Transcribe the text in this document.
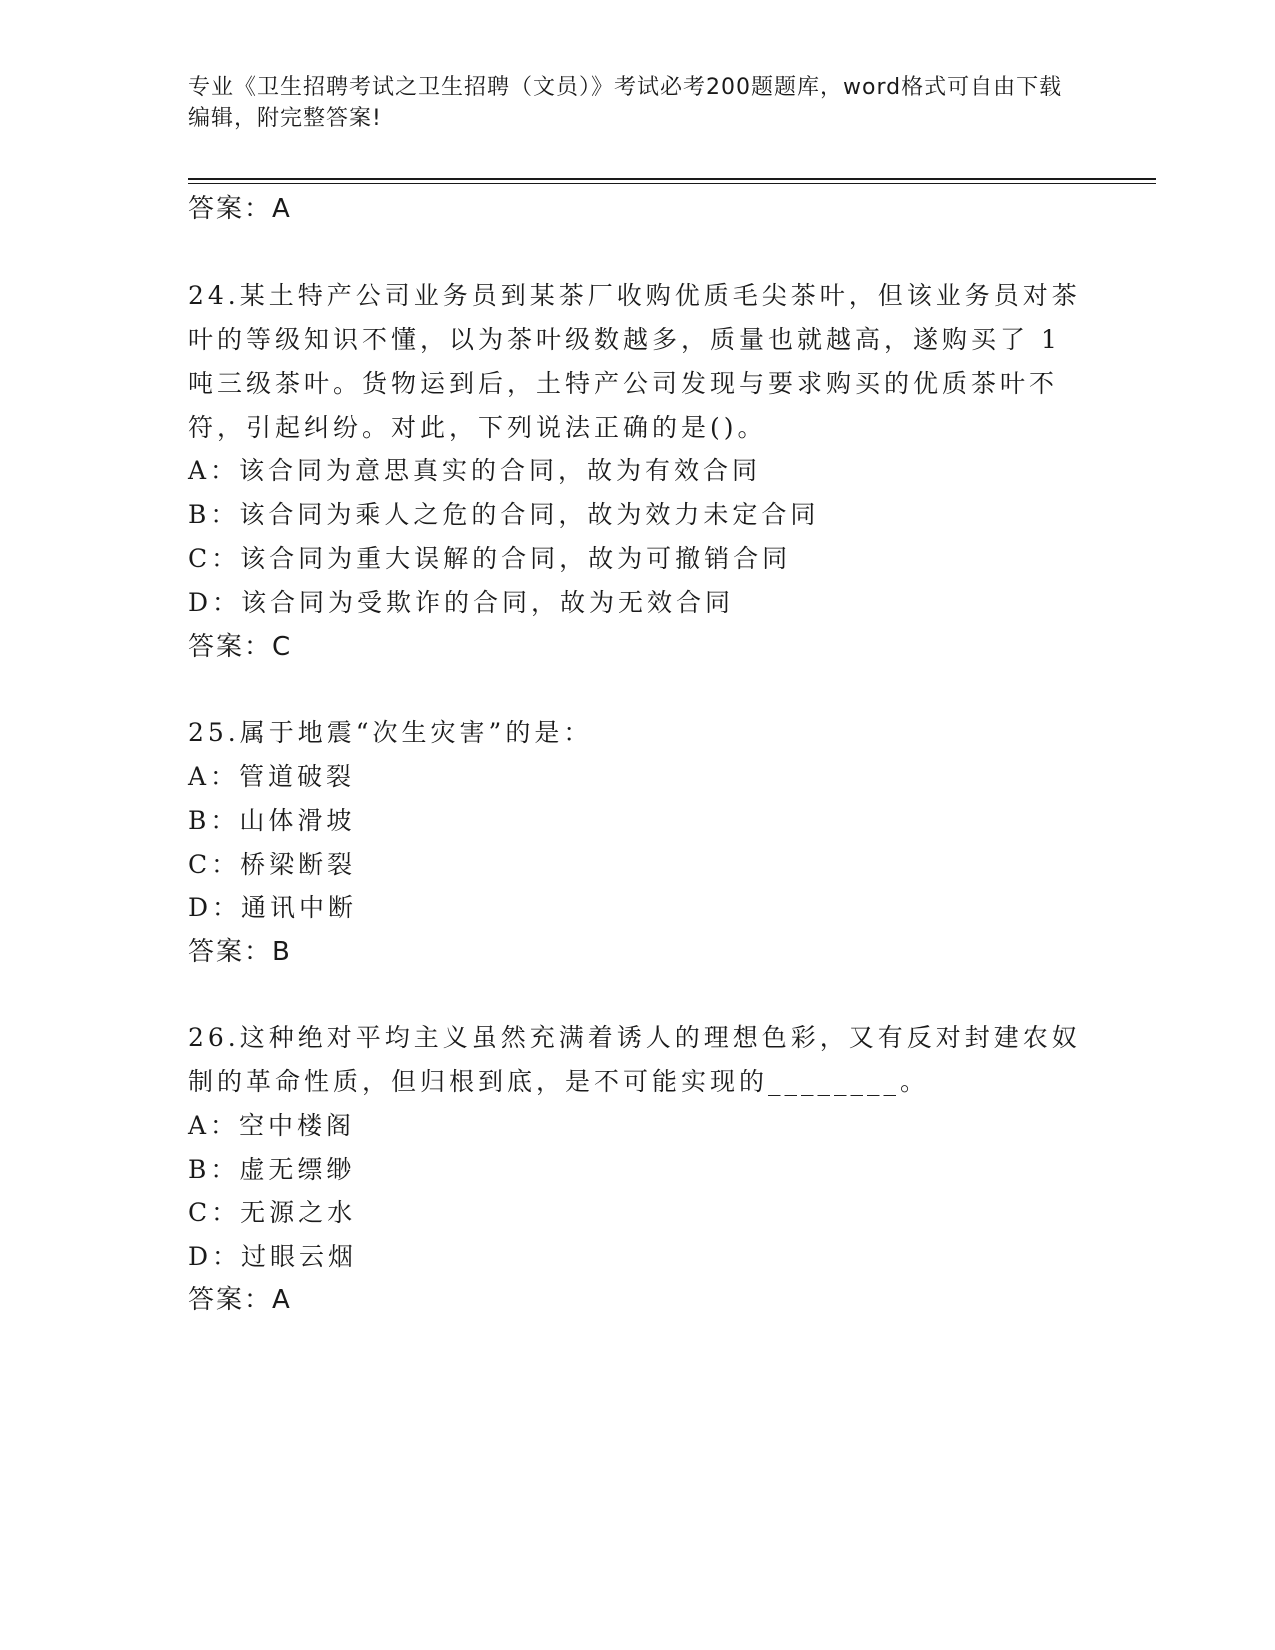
专业《卫生招聘考试之卫生招聘（文员）》考试必考200题题库，word格式可自由下载编辑，附完整答案!
答案：A
24.某土特产公司业务员到某茶厂收购优质毛尖茶叶，但该业务员对茶
叶的等级知识不懂，以为茶叶级数越多，质量也就越高，遂购买了 1
吨三级茶叶。货物运到后，土特产公司发现与要求购买的优质茶叶不
符，引起纠纷。对此，下列说法正确的是()。
A：该合同为意思真实的合同，故为有效合同
B：该合同为乘人之危的合同，故为效力未定合同
C：该合同为重大误解的合同，故为可撤销合同
D：该合同为受欺诈的合同，故为无效合同
答案：C
25.属于地震“次生灾害”的是：
A：管道破裂
B：山体滑坡
C：桥梁断裂
D：通讯中断
答案：B
26.这种绝对平均主义虽然充满着诱人的理想色彩，又有反对封建农奴
制的革命性质，但归根到底，是不可能实现的________。
A：空中楼阁
B：虚无缥缈
C：无源之水
D：过眼云烟
答案：A
